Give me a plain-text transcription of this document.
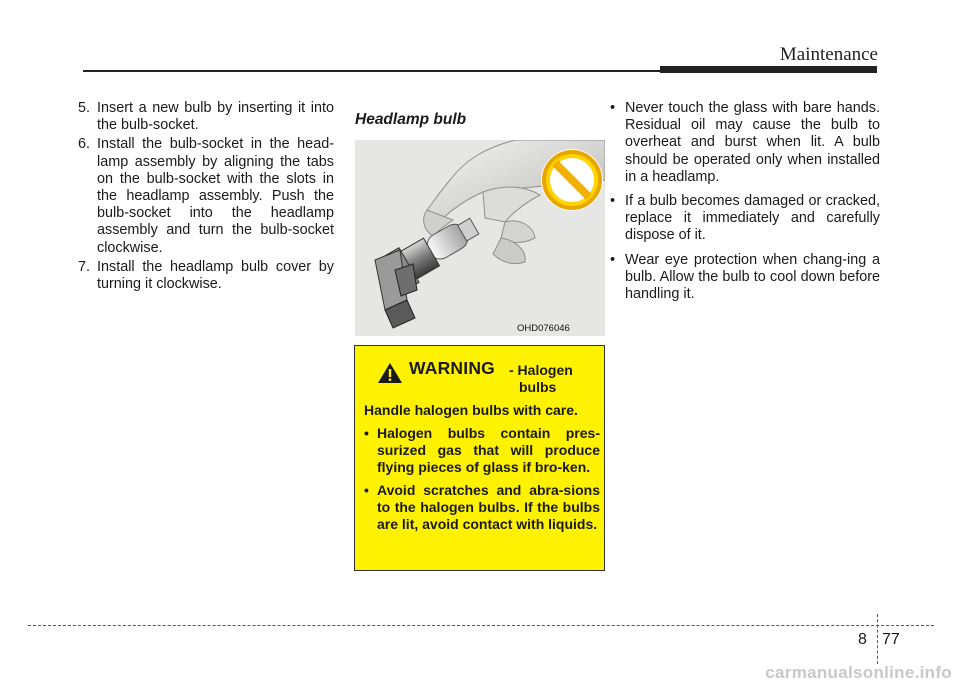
Maintenance
5. Insert a new bulb by inserting it into the bulb-socket.
6. Install the bulb-socket in the head-lamp assembly by aligning the tabs on the bulb-socket with the slots in the headlamp assembly. Push the bulb-socket into the headlamp assembly and turn the bulb-socket clockwise.
7. Install the headlamp bulb cover by turning it clockwise.
Headlamp bulb
OHD076046
WARNING - Halogen
bulbs
Handle halogen bulbs with care.
• Halogen bulbs contain pres-surized gas that will produce flying pieces of glass if bro-ken.
• Avoid scratches and abra-sions to the halogen bulbs. If the bulbs are lit, avoid contact with liquids.
• Never touch the glass with bare hands. Residual oil may cause the bulb to overheat and burst when lit. A bulb should be operated only when installed in a headlamp.
• If a bulb becomes damaged or cracked, replace it immediately and carefully dispose of it.
• Wear eye protection when chang-ing a bulb. Allow the bulb to cool down before handling it.
8 77
carmanualsonline.info
